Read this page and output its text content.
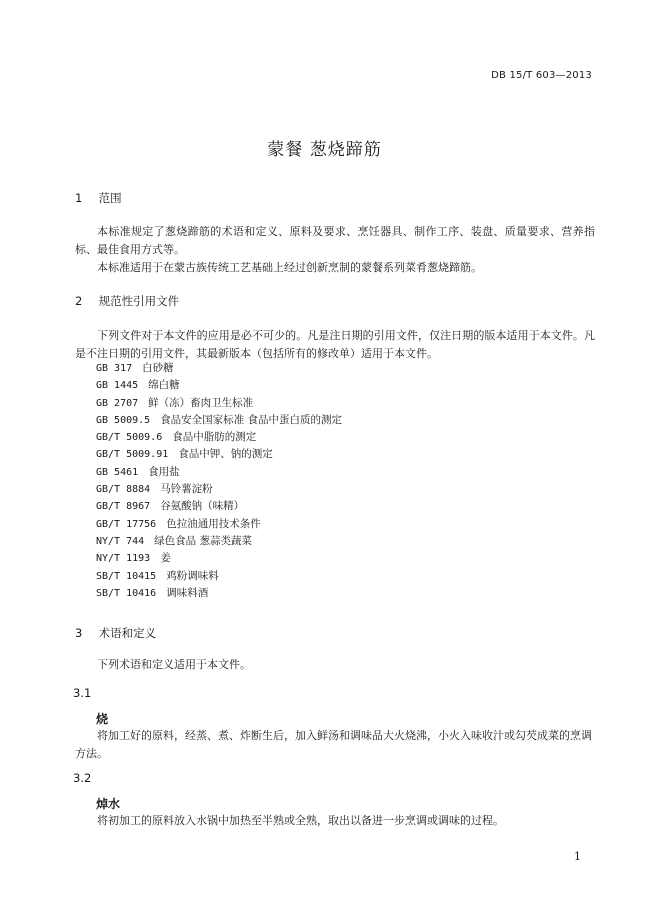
DB 15/T 603—2013
蒙餐 葱烧蹄筋
1 范围
本标准规定了葱烧蹄筋的术语和定义、原料及要求、烹饪器具、制作工序、装盘、质量要求、营养指标、最佳食用方式等。
本标准适用于在蒙古族传统工艺基础上经过创新烹制的蒙餐系列菜肴葱烧蹄筋。
2 规范性引用文件
下列文件对于本文件的应用是必不可少的。凡是注日期的引用文件，仅注日期的版本适用于本文件。凡是不注日期的引用文件，其最新版本（包括所有的修改单）适用于本文件。
GB 317 白砂糖
GB 1445 绵白糖
GB 2707 鲜（冻）畜肉卫生标准
GB 5009.5 食品安全国家标准 食品中蛋白质的测定
GB/T 5009.6 食品中脂肪的测定
GB/T 5009.91 食品中钾、钠的测定
GB 5461 食用盐
GB/T 8884 马铃薯淀粉
GB/T 8967 谷氨酸钠（味精）
GB/T 17756 色拉油通用技术条件
NY/T 744 绿色食品 葱蒜类蔬菜
NY/T 1193 姜
SB/T 10415 鸡粉调味料
SB/T 10416 调味料酒
3 术语和定义
下列术语和定义适用于本文件。
3.1
烧
将加工好的原料，经蒸、煮、炸断生后，加入鲜汤和调味品大火烧沸，小火入味收汁或勾芡成菜的烹调方法。
3.2
焯水
将初加工的原料放入水锅中加热至半熟或全熟，取出以备进一步烹调或调味的过程。
1
